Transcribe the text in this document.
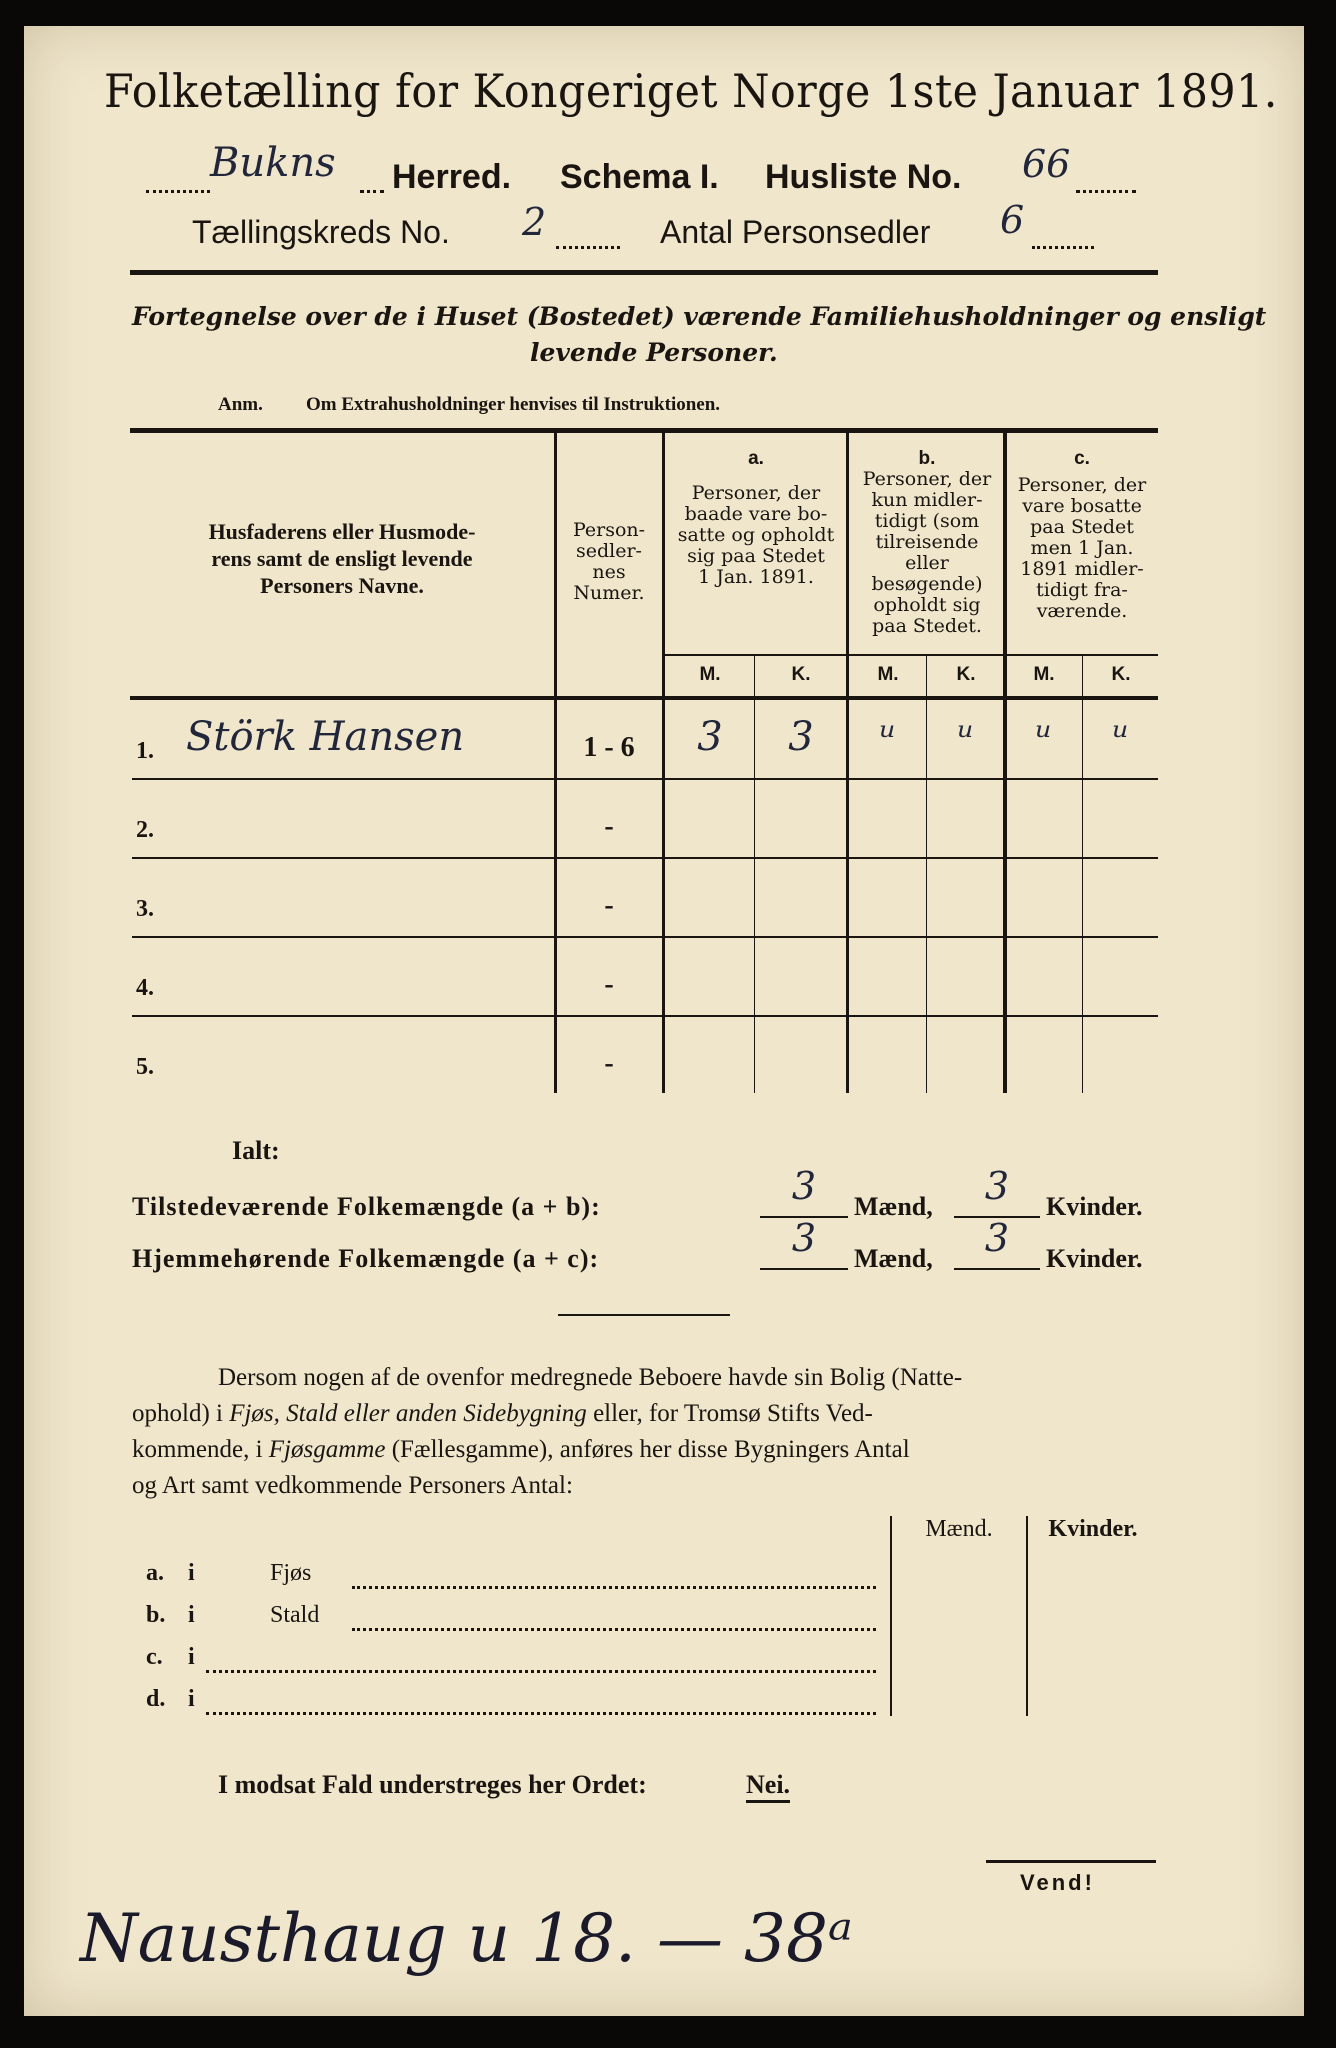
Folketælling for Kongeriget Norge 1ste Januar 1891.
Bukns Herred. Schema I. Husliste No. 66
Tællingskreds No. 2	Antal Personsedler 6
Fortegnelse over de i Huset (Bostedet) værende Familiehusholdninger og ensligt
levende Personer.
Anm. Om Extrahusholdninger henvises til Instruktionen.
Husfaderens eller Husmode-
rens samt de ensligt levende
Personers Navne.
Person-
sedler-
nes
Numer.
a.
Personer, der
baade vare bo-
satte og opholdt
sig paa Stedet
1 Jan. 1891.
b.
Personer, der
kun midler-
tidigt (som
tilreisende
eller
besøgende)
opholdt sig
paa Stedet.
c.
Personer, der
vare bosatte
paa Stedet
men 1 Jan.
1891 midler-
tidigt fra-
værende.
M.	K.	M.	K.	M.	K.
1. Störk Hansen	1 - 6	3	3	ᵘ	ᵘ	ᵘ	ᵘ
2.	-
3.	-
4.	-
5.	-
Ialt:
Tilstedeværende Folkemængde (a + b):	3	Mænd,	3	Kvinder.
Hjemmehørende Folkemængde (a + c):	3	Mænd,	3	Kvinder.
Dersom nogen af de ovenfor medregnede Beboere havde sin Bolig (Natte-
ophold) i Fjøs, Stald eller anden Sidebygning eller, for Tromsø Stifts Ved-
kommende, i Fjøsgamme (Fællesgamme), anføres her disse Bygningers Antal
og Art samt vedkommende Personers Antal:
Mænd.	Kvinder.
a. i	Fjøs
b. i	Stald
c. i
d. i
I modsat Fald understreges her Ordet:	Nei.
Vend!
Nausthaug u 18. — 38ᵃ
